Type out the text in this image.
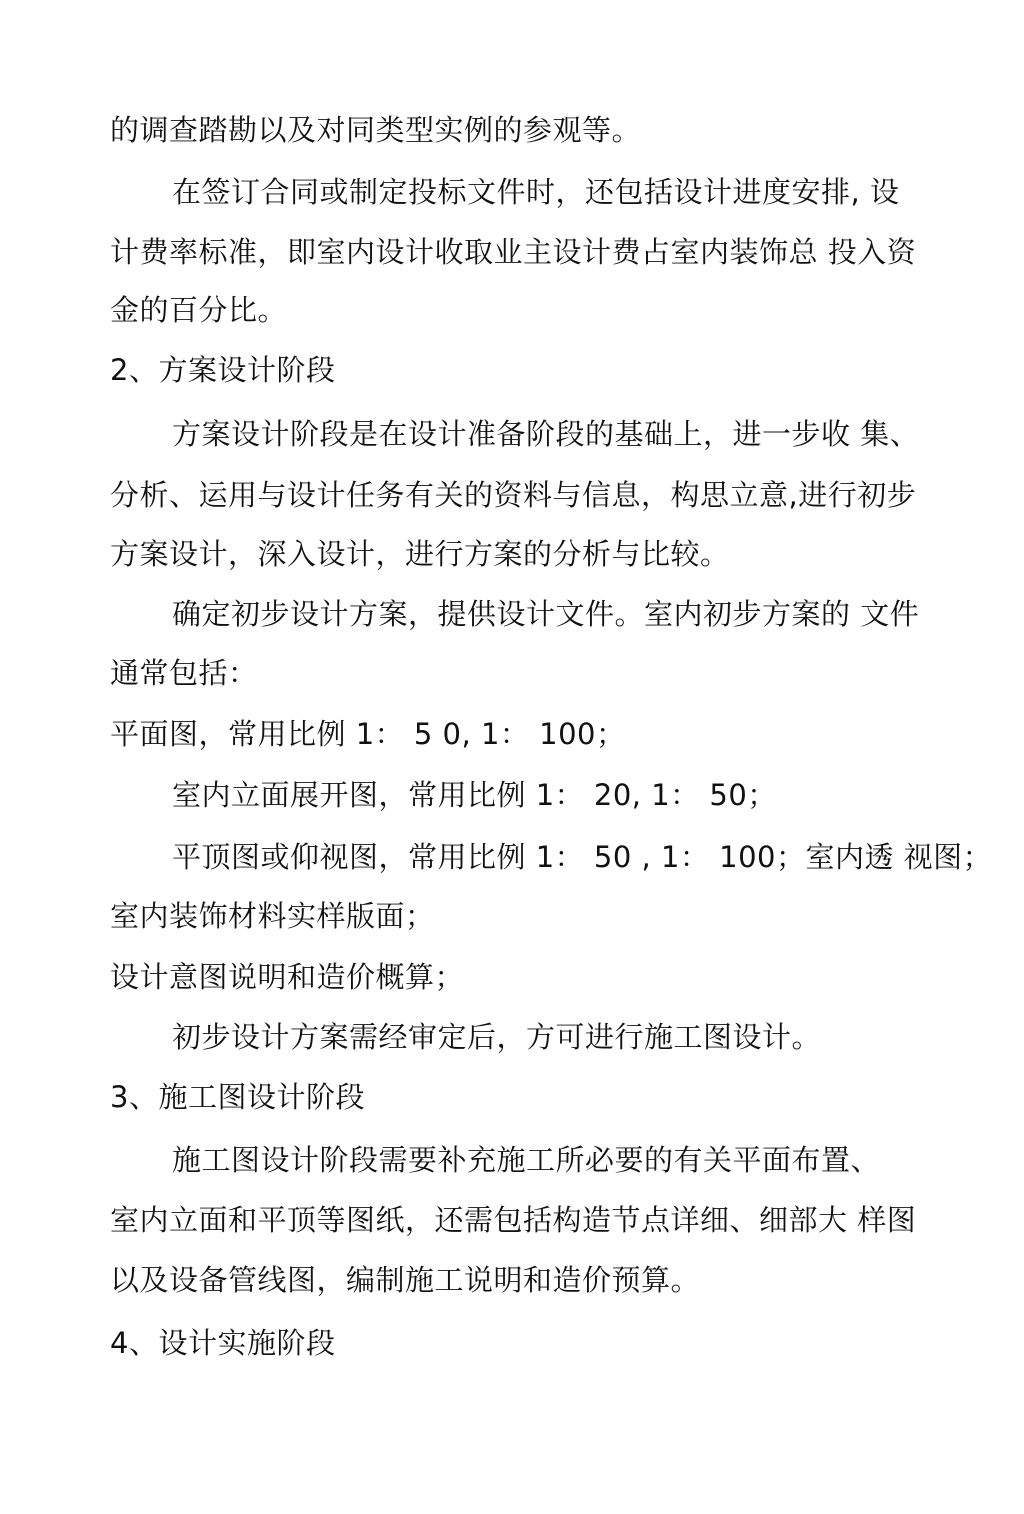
的调查踏勘以及对同类型实例的参观等。
在签订合同或制定投标文件时，还包括设计进度安排, 设
计费率标准，即室内设计收取业主设计费占室内装饰总 投入资
金的百分比。
2、方案设计阶段
方案设计阶段是在设计准备阶段的基础上，进一步收 集、
分析、运用与设计任务有关的资料与信息，构思立意,进行初步
方案设计，深入设计，进行方案的分析与比较。
确定初步设计方案，提供设计文件。室内初步方案的 文件
通常包括：
平面图，常用比例 1： 5 0, 1： 100；
室内立面展开图，常用比例 1： 20, 1： 50；
平顶图或仰视图，常用比例 1： 50 , 1： 100；室内透 视图；
室内装饰材料实样版面；
设计意图说明和造价概算；
初步设计方案需经审定后，方可进行施工图设计。
3、施工图设计阶段
施工图设计阶段需要补充施工所必要的有关平面布置、
室内立面和平顶等图纸，还需包括构造节点详细、细部大 样图
以及设备管线图，编制施工说明和造价预算。
4、设计实施阶段
